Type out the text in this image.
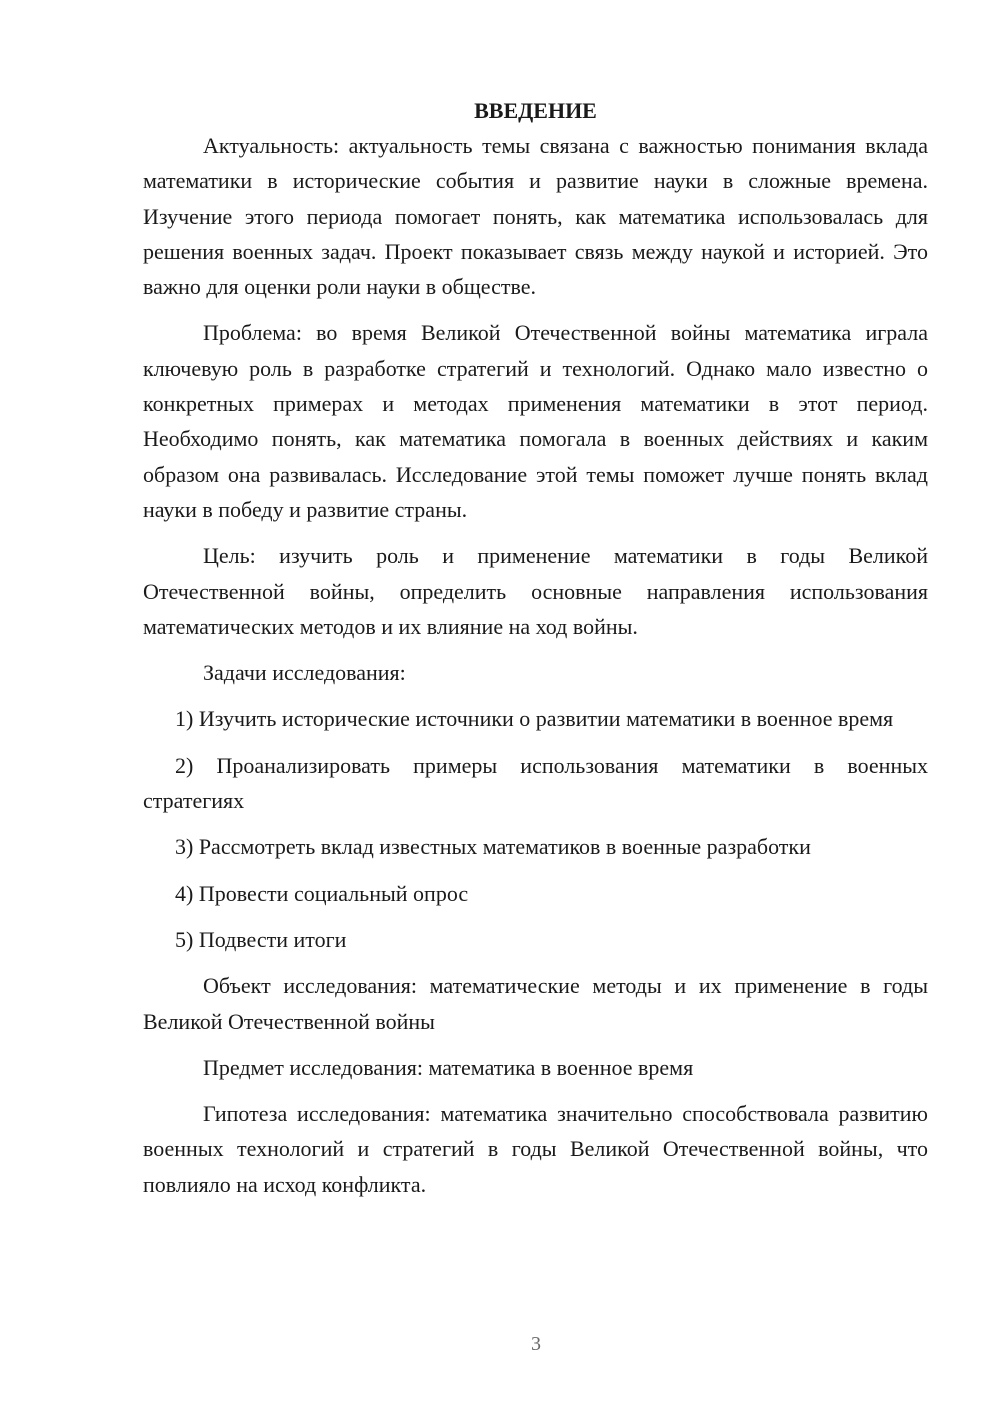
ВВЕДЕНИЕ

Актуальность: актуальность темы связана с важностью понимания вклада математики в исторические события и развитие науки в сложные времена. Изучение этого периода помогает понять, как математика использовалась для решения военных задач. Проект показывает связь между наукой и историей. Это важно для оценки роли науки в обществе.

Проблема: во время Великой Отечественной войны математика играла ключевую роль в разработке стратегий и технологий. Однако мало известно о конкретных примерах и методах применения математики в этот период. Необходимо понять, как математика помогала в военных действиях и каким образом она развивалась. Исследование этой темы поможет лучше понять вклад науки в победу и развитие страны.

Цель: изучить роль и применение математики в годы Великой Отечественной войны, определить основные направления использования математических методов и их влияние на ход войны.

Задачи исследования:

1) Изучить исторические источники о развитии математики в военное время

2) Проанализировать примеры использования математики в военных стратегиях

3) Рассмотреть вклад известных математиков в военные разработки

4) Провести социальный опрос

5) Подвести итоги

Объект исследования: математические методы и их применение в годы Великой Отечественной войны

Предмет исследования: математика в военное время

Гипотеза исследования: математика значительно способствовала развитию военных технологий и стратегий в годы Великой Отечественной войны, что повлияло на исход конфликта.

3
